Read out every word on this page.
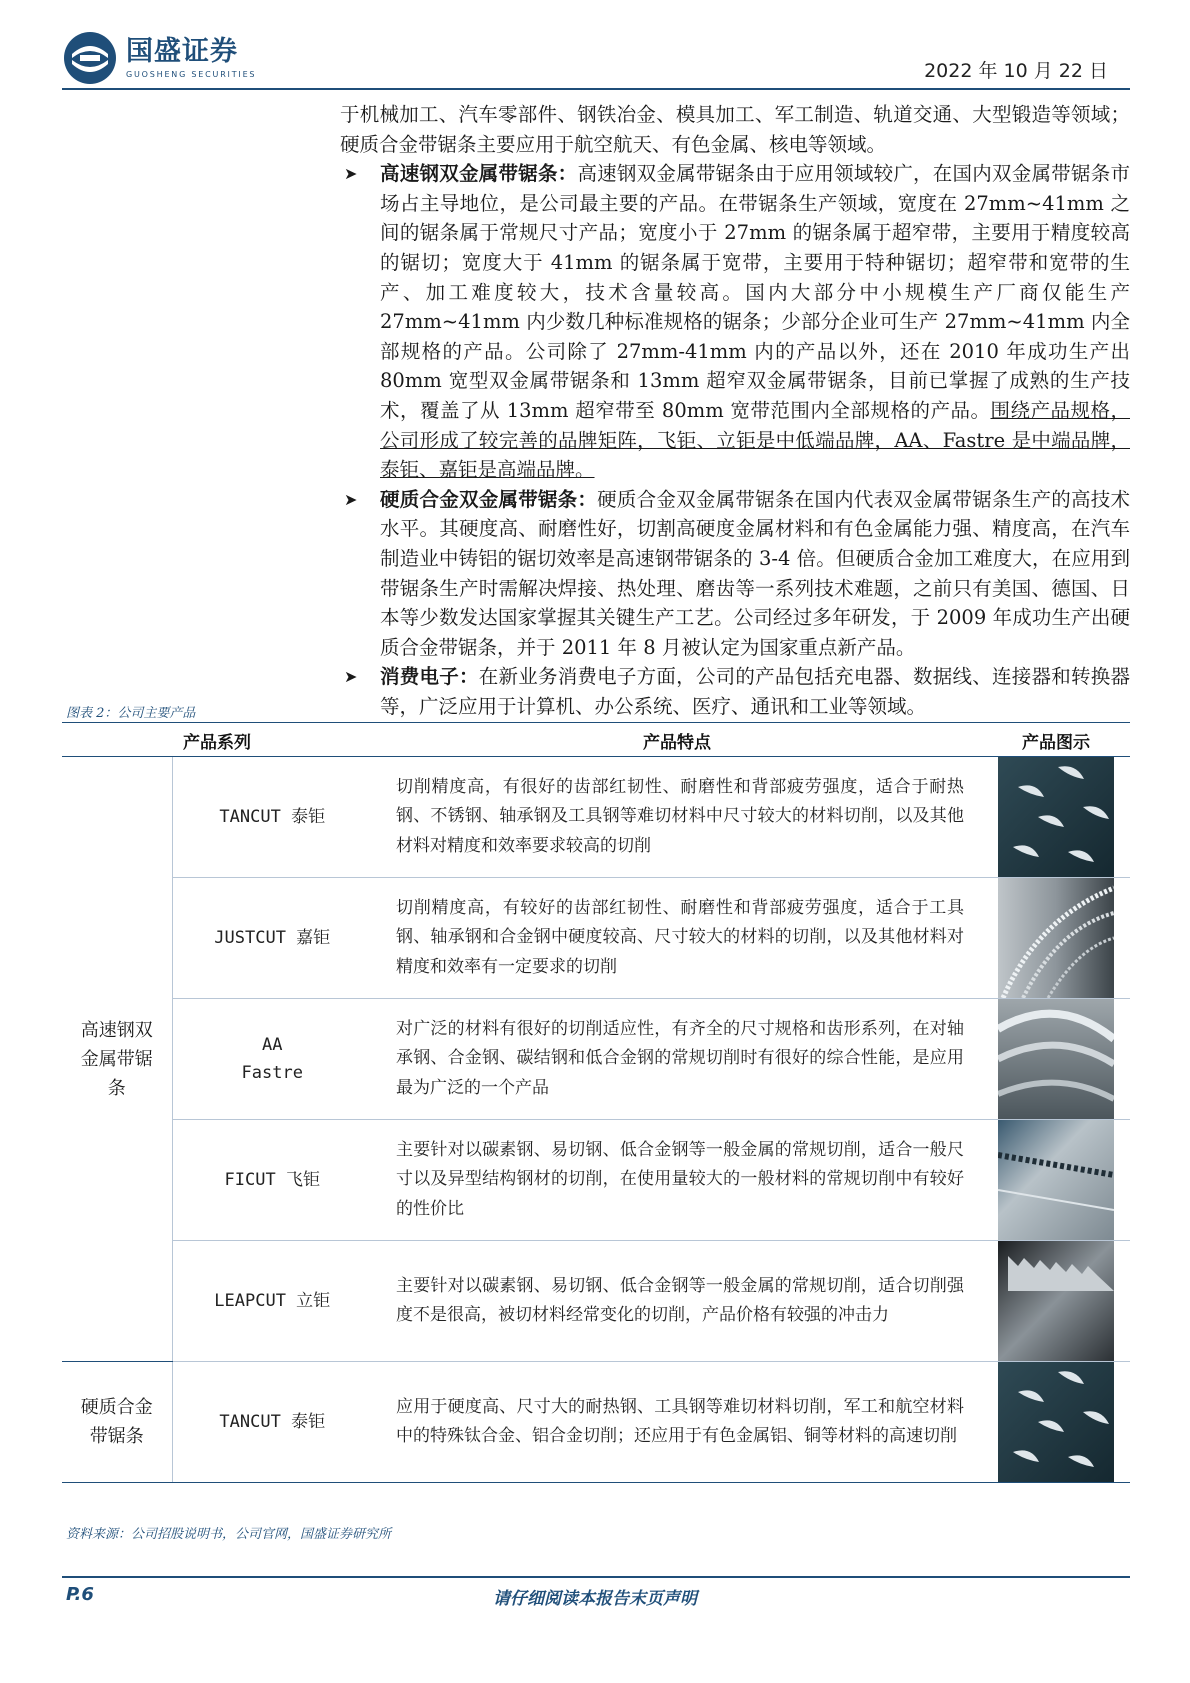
国盛证券
GUOSHENG SECURITIES	2022 年 10 月 22 日

于机械加工、汽车零部件、钢铁冶金、模具加工、军工制造、轨道交通、大型锻造等领域；硬质合金带锯条主要应用于航空航天、有色金属、核电等领域。

➤ 高速钢双金属带锯条：高速钢双金属带锯条由于应用领域较广，在国内双金属带锯条市场占主导地位，是公司最主要的产品。在带锯条生产领域，宽度在 27mm~41mm 之间的锯条属于常规尺寸产品；宽度小于 27mm 的锯条属于超窄带，主要用于精度较高的锯切；宽度大于 41mm 的锯条属于宽带，主要用于特种锯切；超窄带和宽带的生产、加工难度较大，技术含量较高。国内大部分中小规模生产厂商仅能生产 27mm~41mm 内少数几种标准规格的锯条；少部分企业可生产 27mm~41mm 内全部规格的产品。公司除了 27mm-41mm 内的产品以外，还在 2010 年成功生产出 80mm 宽型双金属带锯条和 13mm 超窄双金属带锯条，目前已掌握了成熟的生产技术，覆盖了从 13mm 超窄带至 80mm 宽带范围内全部规格的产品。围绕产品规格，公司形成了较完善的品牌矩阵，飞钜、立钜是中低端品牌，AA、Fastre 是中端品牌，泰钜、嘉钜是高端品牌。

➤ 硬质合金双金属带锯条：硬质合金双金属带锯条在国内代表双金属带锯条生产的高技术水平。其硬度高、耐磨性好，切割高硬度金属材料和有色金属能力强、精度高，在汽车制造业中铸铝的锯切效率是高速钢带锯条的 3-4 倍。但硬质合金加工难度大，在应用到带锯条生产时需解决焊接、热处理、磨齿等一系列技术难题，之前只有美国、德国、日本等少数发达国家掌握其关键生产工艺。公司经过多年研发，于 2009 年成功生产出硬质合金带锯条，并于 2011 年 8 月被认定为国家重点新产品。

➤ 消费电子：在新业务消费电子方面，公司的产品包括充电器、数据线、连接器和转换器等，广泛应用于计算机、办公系统、医疗、通讯和工业等领域。

图表 2：公司主要产品
产品系列		产品特点	产品图示
高速钢双金属带锯条	TANCUT 泰钜	切削精度高，有很好的齿部红韧性、耐磨性和背部疲劳强度，适合于耐热钢、不锈钢、轴承钢及工具钢等难切材料中尺寸较大的材料切削，以及其他材料对精度和效率要求较高的切削	

	JUSTCUT 嘉钜	切削精度高，有较好的齿部红韧性、耐磨性和背部疲劳强度，适合于工具钢、轴承钢和合金钢中硬度较高、尺寸较大的材料的切削，以及其他材料对精度和效率有一定要求的切削	

	AA
Fastre	对广泛的材料有很好的切削适应性，有齐全的尺寸规格和齿形系列，在对轴承钢、合金钢、碳结钢和低合金钢的常规切削时有很好的综合性能，是应用最为广泛的一个产品	

	FICUT 飞钜	主要针对以碳素钢、易切钢、低合金钢等一般金属的常规切削，适合一般尺寸以及异型结构钢材的切削，在使用量较大的一般材料的常规切削中有较好的性价比	

	LEAPCUT 立钜	主要针对以碳素钢、易切钢、低合金钢等一般金属的常规切削，适合切削强度不是很高，被切材料经常变化的切削，产品价格有较强的冲击力	

硬质合金带锯条	TANCUT 泰钜	应用于硬度高、尺寸大的耐热钢、工具钢等难切材料切削，军工和航空材料中的特殊钛合金、铝合金切削；还应用于有色金属铝、铜等材料的高速切削	
资料来源：公司招股说明书，公司官网，国盛证券研究所
P.6	请仔细阅读本报告末页声明
